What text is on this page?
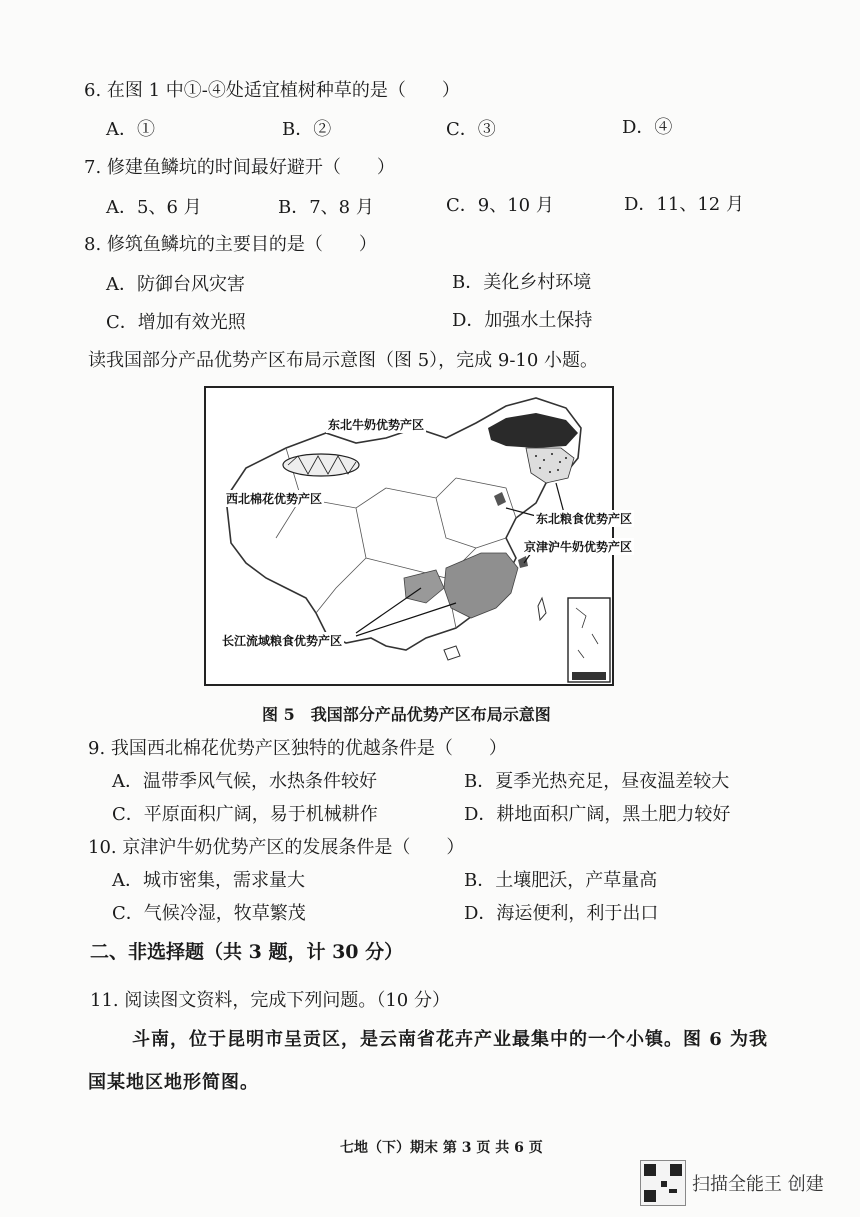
6. 在图 1 中①-④处适宜植树种草的是（　　）
A．①	B．②	C．③	D．④
7. 修建鱼鳞坑的时间最好避开（　　）
A．5、6 月	B．7、8 月	C．9、10 月	D．11、12 月
8. 修筑鱼鳞坑的主要目的是（　　）
A．防御台风灾害	B．美化乡村环境
C．增加有效光照	D．加强水土保持
读我国部分产品优势产区布局示意图（图 5），完成 9-10 小题。
东北牛奶优势产区
西北棉花优势产区
东北粮食优势产区
京津沪牛奶优势产区
长江流域粮食优势产区
图 5　我国部分产品优势产区布局示意图
9. 我国西北棉花优势产区独特的优越条件是（　　）
A．温带季风气候，水热条件较好	B．夏季光热充足，昼夜温差较大
C．平原面积广阔，易于机械耕作	D．耕地面积广阔，黑土肥力较好
10. 京津沪牛奶优势产区的发展条件是（　　）
A．城市密集，需求量大	B．土壤肥沃，产草量高
C．气候冷湿，牧草繁茂	D．海运便利，利于出口
二、非选择题（共 3 题，计 30 分）
11. 阅读图文资料，完成下列问题。（10 分）
斗南，位于昆明市呈贡区，是云南省花卉产业最集中的一个小镇。图 6 为我
国某地区地形简图。
七地（下）期末 第 3 页 共 6 页
扫描全能王 创建
